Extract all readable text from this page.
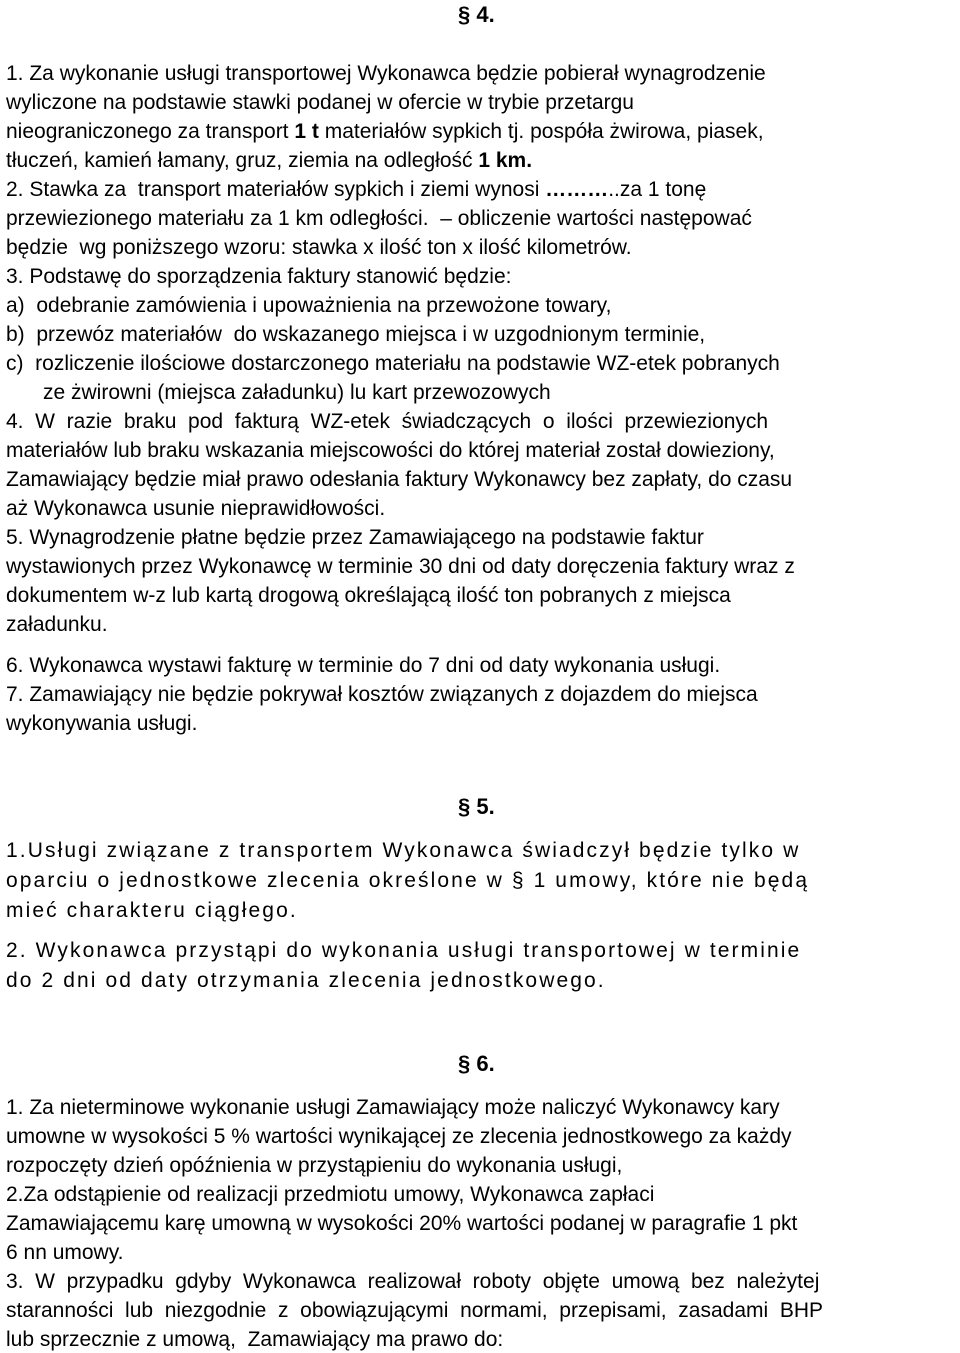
§ 4.
1. Za wykonanie usługi transportowej Wykonawca będzie pobierał wynagrodzenie
wyliczone na podstawie stawki podanej w ofercie w trybie przetargu
nieograniczonego za transport 1 t materiałów sypkich tj. pospóła żwirowa, piasek,
tłuczeń, kamień łamany, gruz, ziemia na odległość 1 km.
2. Stawka za  transport materiałów sypkich i ziemi wynosi ………..za 1 tonę
przewiezionego materiału za 1 km odległości.  – obliczenie wartości następować
będzie  wg poniższego wzoru: stawka x ilość ton x ilość kilometrów.
3. Podstawę do sporządzenia faktury stanowić będzie:
a)  odebranie zamówienia i upoważnienia na przewożone towary,
b)  przewóz materiałów  do wskazanego miejsca i w uzgodnionym terminie,
c)  rozliczenie ilościowe dostarczonego materiału na podstawie WZ-etek pobranych
ze żwirowni (miejsca załadunku) lu kart przewozowych
4.  W  razie  braku  pod  fakturą  WZ-etek  świadczących  o  ilości  przewiezionych
materiałów lub braku wskazania miejscowości do której materiał został dowieziony,
Zamawiający będzie miał prawo odesłania faktury Wykonawcy bez zapłaty, do czasu
aż Wykonawca usunie nieprawidłowości.
5. Wynagrodzenie płatne będzie przez Zamawiającego na podstawie faktur
wystawionych przez Wykonawcę w terminie 30 dni od daty doręczenia faktury wraz z
dokumentem w-z lub kartą drogową określającą ilość ton pobranych z miejsca
załadunku.
6. Wykonawca wystawi fakturę w terminie do 7 dni od daty wykonania usługi.
7. Zamawiający nie będzie pokrywał kosztów związanych z dojazdem do miejsca
wykonywania usługi.
§ 5.
1.Usługi związane z transportem Wykonawca świadczył będzie tylko w
oparciu o jednostkowe zlecenia określone w § 1 umowy, które nie będą
mieć charakteru ciągłego.
2. Wykonawca przystąpi do wykonania usługi transportowej w terminie
do 2 dni od daty otrzymania zlecenia jednostkowego.
§ 6.
1. Za nieterminowe wykonanie usługi Zamawiający może naliczyć Wykonawcy kary
umowne w wysokości 5 % wartości wynikającej ze zlecenia jednostkowego za każdy
rozpoczęty dzień opóźnienia w przystąpieniu do wykonania usługi,
2.Za odstąpienie od realizacji przedmiotu umowy, Wykonawca zapłaci
Zamawiającemu karę umowną w wysokości 20% wartości podanej w paragrafie 1 pkt
6 nn umowy.
3.  W  przypadku  gdyby  Wykonawca  realizował  roboty  objęte  umową  bez  należytej
staranności  lub  niezgodnie  z  obowiązującymi  normami,  przepisami,  zasadami  BHP
lub sprzecznie z umową,  Zamawiający ma prawo do:
